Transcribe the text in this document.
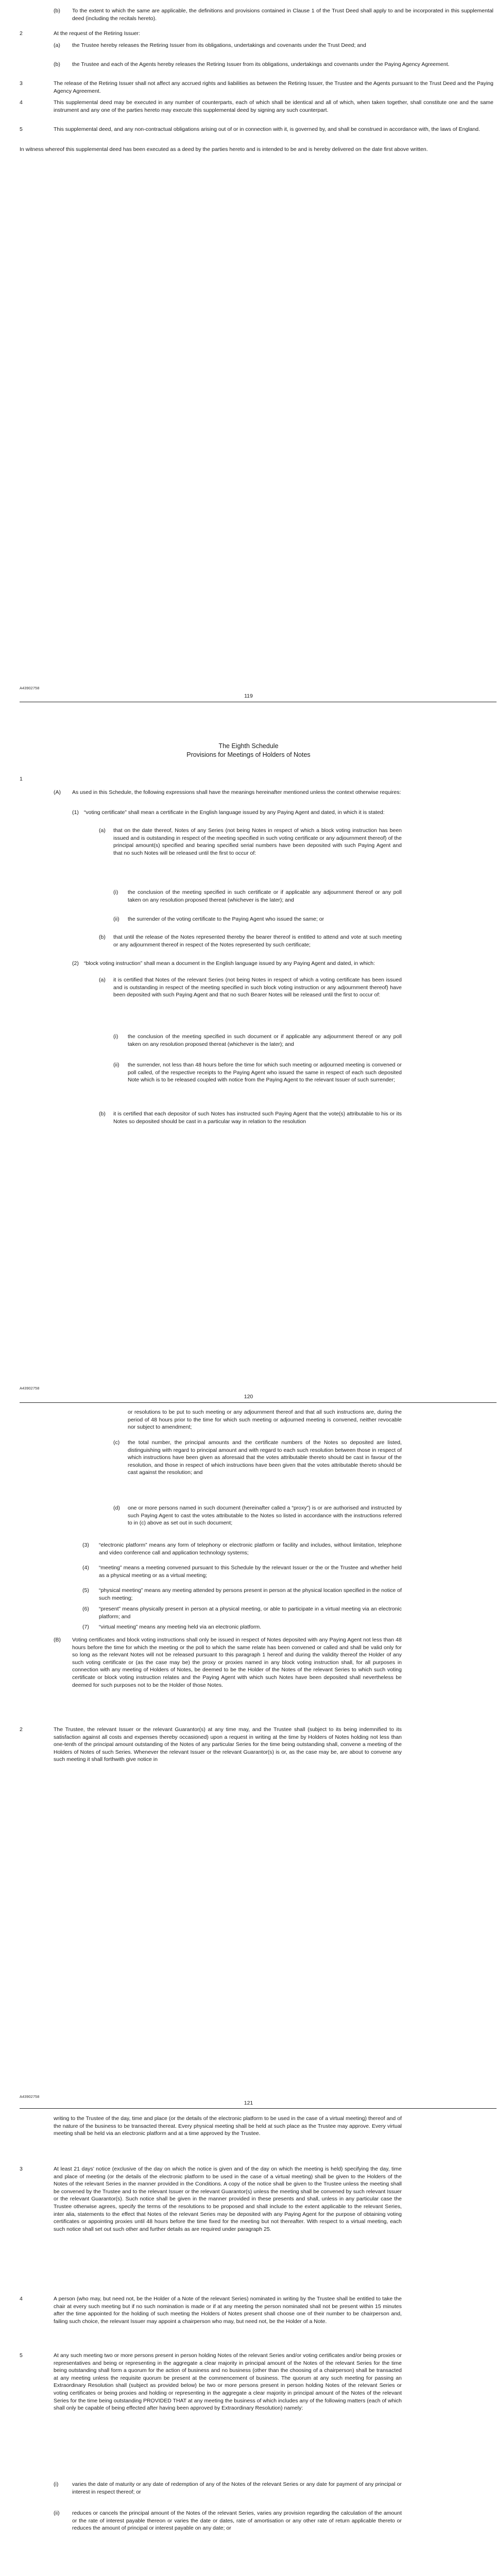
(b) To the extent to which the same are applicable, the definitions and provisions contained in Clause 1 of the Trust Deed shall apply to and be incorporated in this supplemental deed (including the recitals hereto).

2	At the request of the Retiring Issuer:

(a) the Trustee hereby releases the Retiring Issuer from its obligations, undertakings and covenants under the Trust Deed; and

(b) the Trustee and each of the Agents hereby releases the Retiring Issuer from its obligations, undertakings and covenants under the Paying Agency Agreement.

3	The release of the Retiring Issuer shall not affect any accrued rights and liabilities as between the Retiring Issuer, the Trustee and the Agents pursuant to the Trust Deed and the Paying Agency Agreement.

4	This supplemental deed may be executed in any number of counterparts, each of which shall be identical and all of which, when taken together, shall constitute one and the same instrument and any one of the parties hereto may execute this supplemental deed by signing any such counterpart.

5	This supplemental deed, and any non-contractual obligations arising out of or in connection with it, is governed by, and shall be construed in accordance with, the laws of England.

In witness whereof this supplemental deed has been executed as a deed by the parties hereto and is intended to be and is hereby delivered on the date first above written.

A43902758
119
The Eighth Schedule
Provisions for Meetings of Holders of Notes
1
(A) As used in this Schedule, the following expressions shall have the meanings hereinafter mentioned unless the context otherwise requires:

(1) “voting certificate” shall mean a certificate in the English language issued by any Paying Agent and dated, in which it is stated:

(a) that on the date thereof, Notes of any Series (not being Notes in respect of which a block voting instruction has been issued and is outstanding in respect of the meeting specified in such voting certificate or any adjournment thereof) of the principal amount(s) specified and bearing specified serial numbers have been deposited with such Paying Agent and that no such Notes will be released until the first to occur of:

(i) the conclusion of the meeting specified in such certificate or if applicable any adjournment thereof or any poll taken on any resolution proposed thereat (whichever is the later); and

(ii) the surrender of the voting certificate to the Paying Agent who issued the same; or

(b) that until the release of the Notes represented thereby the bearer thereof is entitled to attend and vote at such meeting or any adjournment thereof in respect of the Notes represented by such certificate;

(2) “block voting instruction” shall mean a document in the English language issued by any Paying Agent and dated, in which:

(a) it is certified that Notes of the relevant Series (not being Notes in respect of which a voting certificate has been issued and is outstanding in respect of the meeting specified in such block voting instruction or any adjournment thereof) have been deposited with such Paying Agent and that no such Bearer Notes will be released until the first to occur of:

(i) the conclusion of the meeting specified in such document or if applicable any adjournment thereof or any poll taken on any resolution proposed thereat (whichever is the later); and

(ii) the surrender, not less than 48 hours before the time for which such meeting or adjourned meeting is convened or poll called, of the respective receipts to the Paying Agent who issued the same in respect of each such deposited Note which is to be released coupled with notice from the Paying Agent to the relevant Issuer of such surrender;

(b) it is certified that each depositor of such Notes has instructed such Paying Agent that the vote(s) attributable to his or its Notes so deposited should be cast in a particular way in relation to the resolution

A43902758
120

or resolutions to be put to such meeting or any adjournment thereof and that all such instructions are, during the period of 48 hours prior to the time for which such meeting or adjourned meeting is convened, neither revocable nor subject to amendment;

(c) the total number, the principal amounts and the certificate numbers of the Notes so deposited are listed, distinguishing with regard to principal amount and with regard to each such resolution between those in respect of which instructions have been given as aforesaid that the votes attributable thereto should be cast in favour of the resolution, and those in respect of which instructions have been given that the votes attributable thereto should be cast against the resolution; and

(d) one or more persons named in such document (hereinafter called a “proxy”) is or are authorised and instructed by such Paying Agent to cast the votes attributable to the Notes so listed in accordance with the instructions referred to in (c) above as set out in such document;

(3) “electronic platform” means any form of telephony or electronic platform or facility and includes, without limitation, telephone and video conference call and application technology systems;

(4) “meeting” means a meeting convened pursuant to this Schedule by the relevant Issuer or the or the Trustee and whether held as a physical meeting or as a virtual meeting;

(5) “physical meeting” means any meeting attended by persons present in person at the physical location specified in the notice of such meeting;

(6) “present” means physically present in person at a physical meeting, or able to participate in a virtual meeting via an electronic platform; and

(7) “virtual meeting” means any meeting held via an electronic platform.

(B) Voting certificates and block voting instructions shall only be issued in respect of Notes deposited with any Paying Agent not less than 48 hours before the time for which the meeting or the poll to which the same relate has been convened or called and shall be valid only for so long as the relevant Notes will not be released pursuant to this paragraph 1 hereof and during the validity thereof the Holder of any such voting certificate or (as the case may be) the proxy or proxies named in any block voting instruction shall, for all purposes in connection with any meeting of Holders of Notes, be deemed to be the Holder of the Notes of the relevant Series to which such voting certificate or block voting instruction relates and the Paying Agent with which such Notes have been deposited shall nevertheless be deemed for such purposes not to be the Holder of those Notes.

2	The Trustee, the relevant Issuer or the relevant Guarantor(s) at any time may, and the Trustee shall (subject to its being indemnified to its satisfaction against all costs and expenses thereby occasioned) upon a request in writing at the time by Holders of Notes holding not less than one-tenth of the principal amount outstanding of the Notes of any particular Series for the time being outstanding shall, convene a meeting of the Holders of Notes of such Series. Whenever the relevant Issuer or the relevant Guarantor(s) is or, as the case may be, are about to convene any such meeting it shall forthwith give notice in

A43902758
121

writing to the Trustee of the day, time and place (or the details of the electronic platform to be used in the case of a virtual meeting) thereof and of the nature of the business to be transacted thereat. Every physical meeting shall be held at such place as the Trustee may approve. Every virtual meeting shall be held via an electronic platform and at a time approved by the Trustee.

3	At least 21 days’ notice (exclusive of the day on which the notice is given and of the day on which the meeting is held) specifying the day, time and place of meeting (or the details of the electronic platform to be used in the case of a virtual meeting) shall be given to the Holders of the Notes of the relevant Series in the manner provided in the Conditions. A copy of the notice shall be given to the Trustee unless the meeting shall be convened by the Trustee and to the relevant Issuer or the relevant Guarantor(s) unless the meeting shall be convened by such relevant Issuer or the relevant Guarantor(s). Such notice shall be given in the manner provided in these presents and shall, unless in any particular case the Trustee otherwise agrees, specify the terms of the resolutions to be proposed and shall include to the extent applicable to the relevant Series, inter alia, statements to the effect that Notes of the relevant Series may be deposited with any Paying Agent for the purpose of obtaining voting certificates or appointing proxies until 48 hours before the time fixed for the meeting but not thereafter. With respect to a virtual meeting, each such notice shall set out such other and further details as are required under paragraph 25.

4	A person (who may, but need not, be the Holder of a Note of the relevant Series) nominated in writing by the Trustee shall be entitled to take the chair at every such meeting but if no such nomination is made or if at any meeting the person nominated shall not be present within 15 minutes after the time appointed for the holding of such meeting the Holders of Notes present shall choose one of their number to be chairperson and, failing such choice, the relevant Issuer may appoint a chairperson who may, but need not, be the Holder of a Note.

5	At any such meeting two or more persons present in person holding Notes of the relevant Series and/or voting certificates and/or being proxies or representatives and being or representing in the aggregate a clear majority in principal amount of the Notes of the relevant Series for the time being outstanding shall form a quorum for the action of business and no business (other than the choosing of a chairperson) shall be transacted at any meeting unless the requisite quorum be present at the commencement of business. The quorum at any such meeting for passing an Extraordinary Resolution shall (subject as provided below) be two or more persons present in person holding Notes of the relevant Series or voting certificates or being proxies and holding or representing in the aggregate a clear majority in principal amount of the Notes of the relevant Series for the time being outstanding PROVIDED THAT at any meeting the business of which includes any of the following matters (each of which shall only be capable of being effected after having been approved by Extraordinary Resolution) namely:

(i)	varies the date of maturity or any date of redemption of any of the Notes of the relevant Series or any date for payment of any principal or interest in respect thereof; or

(ii) reduces or cancels the principal amount of the Notes of the relevant Series, varies any provision regarding the calculation of the amount or the rate of interest payable thereon or varies the date or dates, rate of amortisation or any other rate of return applicable thereto or reduces the amount of principal or interest payable on any date; or
